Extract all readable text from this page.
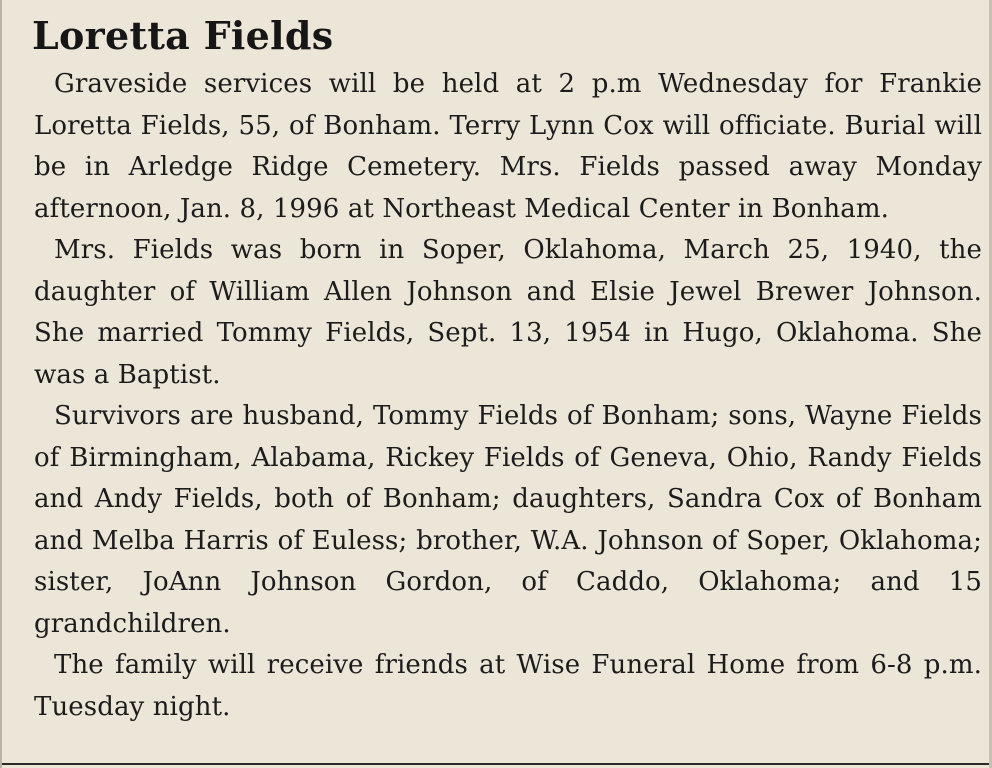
Loretta Fields

Graveside services will be held at 2 p.m Wednesday for Frankie Loretta Fields, 55, of Bonham. Terry Lynn Cox will officiate. Burial will be in Arledge Ridge Cemetery. Mrs. Fields passed away Monday afternoon, Jan. 8, 1996 at Northeast Medical Center in Bonham.

Mrs. Fields was born in Soper, Oklahoma, March 25, 1940, the daughter of William Allen Johnson and Elsie Jewel Brewer Johnson. She married Tommy Fields, Sept. 13, 1954 in Hugo, Oklahoma. She was a Baptist.

Survivors are husband, Tommy Fields of Bonham; sons, Wayne Fields of Birmingham, Alabama, Rickey Fields of Geneva, Ohio, Randy Fields and Andy Fields, both of Bonham; daughters, Sandra Cox of Bonham and Melba Harris of Euless; brother, W.A. Johnson of Soper, Oklahoma; sister, JoAnn Johnson Gordon, of Caddo, Oklahoma; and 15 grandchildren.

The family will receive friends at Wise Funeral Home from 6-8 p.m. Tuesday night.
